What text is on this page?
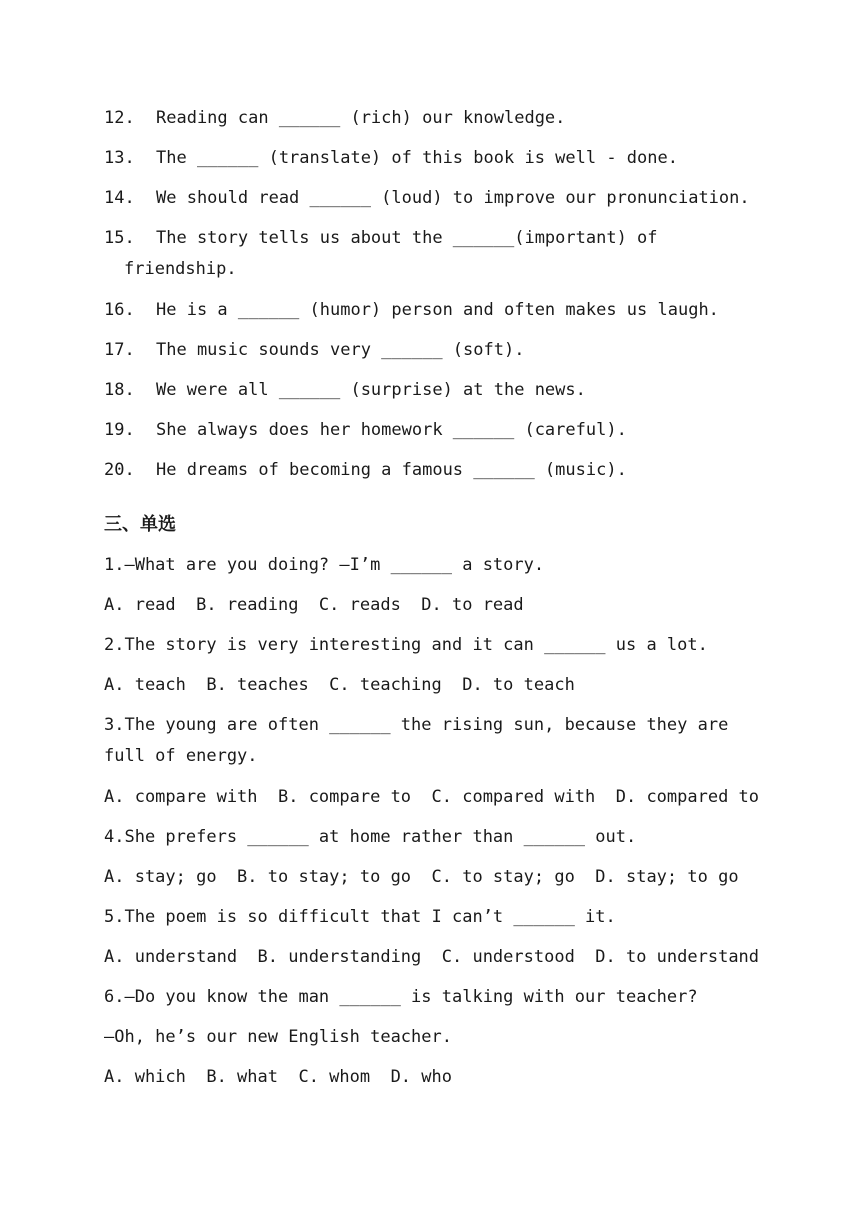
12. Reading can ______ (rich) our knowledge.
13. The ______ (translate) of this book is well - done.
14. We should read ______ (loud) to improve our pronunciation.
15. The story tells us about the ______(important) of
friendship.
16. He is a ______ (humor) person and often makes us laugh.
17. The music sounds very ______ (soft).
18. We were all ______ (surprise) at the news.
19. She always does her homework ______ (careful).
20. He dreams of becoming a famous ______ (music).
三、单选
1.—What are you doing? —I’m ______ a story.
A. read  B. reading  C. reads  D. to read
2.The story is very interesting and it can ______ us a lot.
A. teach  B. teaches  C. teaching  D. to teach
3.The young are often ______ the rising sun, because they are
full of energy.
A. compare with  B. compare to  C. compared with  D. compared to
4.She prefers ______ at home rather than ______ out.
A. stay; go  B. to stay; to go  C. to stay; go  D. stay; to go
5.The poem is so difficult that I can’t ______ it.
A. understand  B. understanding  C. understood  D. to understand
6.—Do you know the man ______ is talking with our teacher?
—Oh, he’s our new English teacher.
A. which  B. what  C. whom  D. who
